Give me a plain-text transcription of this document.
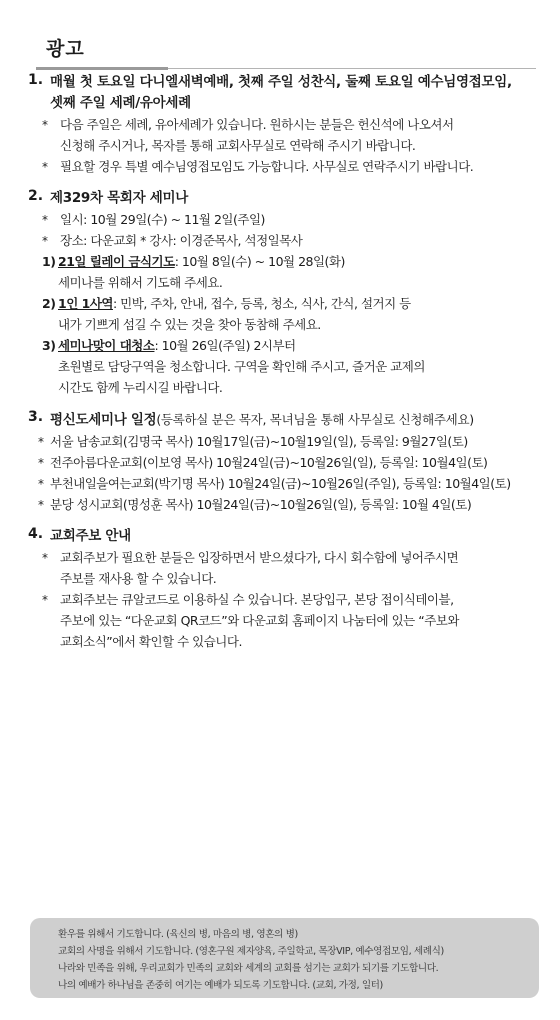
광고
1. 매월 첫 토요일 다니엘새벽예배, 첫째 주일 성찬식, 둘째 토요일 예수님영접모임,
셋째 주일 세례/유아세례
* 다음 주일은 세례, 유아세례가 있습니다. 원하시는 분들은 헌신석에 나오셔서
신청해 주시거나, 목자를 통해 교회사무실로 연락해 주시기 바랍니다.
* 필요할 경우 특별 예수님영접모임도 가능합니다. 사무실로 연락주시기 바랍니다.
2. 제329차 목회자 세미나
* 일시: 10월 29일(수) ~ 11월 2일(주일)
* 장소: 다운교회 * 강사: 이경준목사, 석정일목사
1) 21일 릴레이 금식기도: 10월 8일(수) ~ 10월 28일(화)
세미나를 위해서 기도해 주세요.
2) 1인 1사역: 민박, 주차, 안내, 접수, 등록, 청소, 식사, 간식, 설거지 등
내가 기쁘게 섬길 수 있는 것을 찾아 동참해 주세요.
3) 세미나맞이 대청소: 10월 26일(주일) 2시부터
초원별로 담당구역을 청소합니다. 구역을 확인해 주시고, 즐거운 교제의
시간도 함께 누리시길 바랍니다.
3. 평신도세미나 일정(등록하실 분은 목자, 목녀님을 통해 사무실로 신청해주세요)
* 서울 남송교회(김명국 목사) 10월17일(금)~10월19일(일), 등록일: 9월27일(토)
* 전주아름다운교회(이보영 목사) 10월24일(금)~10월26일(일), 등록일: 10월4일(토)
* 부천내일을여는교회(박기명 목사) 10월24일(금)~10월26일(주일), 등록일: 10월4일(토)
* 분당 성시교회(명성훈 목사) 10월24일(금)~10월26일(일), 등록일: 10월 4일(토)
4. 교회주보 안내
* 교회주보가 필요한 분들은 입장하면서 받으셨다가, 다시 회수함에 넣어주시면
주보를 재사용 할 수 있습니다.
* 교회주보는 큐알코드로 이용하실 수 있습니다. 본당입구, 본당 접이식테이블,
주보에 있는 “다운교회 QR코드”와 다운교회 홈페이지 나눔터에 있는 “주보와
교회소식”에서 확인할 수 있습니다.
환우를 위해서 기도합니다. (육신의 병, 마음의 병, 영혼의 병)
교회의 사명을 위해서 기도합니다. (영혼구원 제자양육, 주일학교, 목장VIP, 예수영접모임, 세례식)
나라와 민족을 위해, 우리교회가 민족의 교회와 세계의 교회를 섬기는 교회가 되기를 기도합니다.
나의 예배가 하나님을 존중히 여기는 예배가 되도록 기도합니다. (교회, 가정, 일터)
